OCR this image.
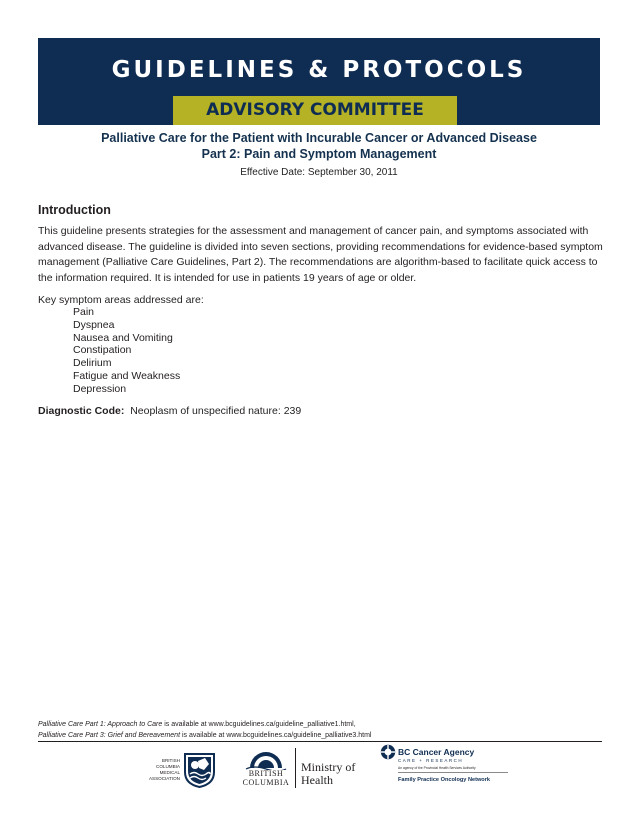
GUIDELINES & PROTOCOLS
ADVISORY COMMITTEE
Palliative Care for the Patient with Incurable Cancer or Advanced Disease
Part 2: Pain and Symptom Management
Effective Date: September 30, 2011
Introduction

This guideline presents strategies for the assessment and management of cancer pain, and symptoms associated with advanced disease. The guideline is divided into seven sections, providing recommendations for evidence-based symptom management (Palliative Care Guidelines, Part 2). The recommendations are algorithm-based to facilitate quick access to the information required. It is intended for use in patients 19 years of age or older.

Key symptom areas addressed are:
Pain
Dyspnea
Nausea and Vomiting
Constipation
Delirium
Fatigue and Weakness
Depression
Diagnostic Code: Neoplasm of unspecified nature: 239
Palliative Care Part 1: Approach to Care is available at www.bcguidelines.ca/guideline_palliative1.html,
Palliative Care Part 3: Grief and Bereavement is available at www.bcguidelines.ca/guideline_palliative3.html
BRITISH
COLUMBIA
MEDICAL
ASSOCIATION
BRITISH
COLUMBIA
Ministry of
Health
BC Cancer Agency
CARE + RESEARCH
An agency of the Provincial Health Services Authority
Family Practice Oncology Network
